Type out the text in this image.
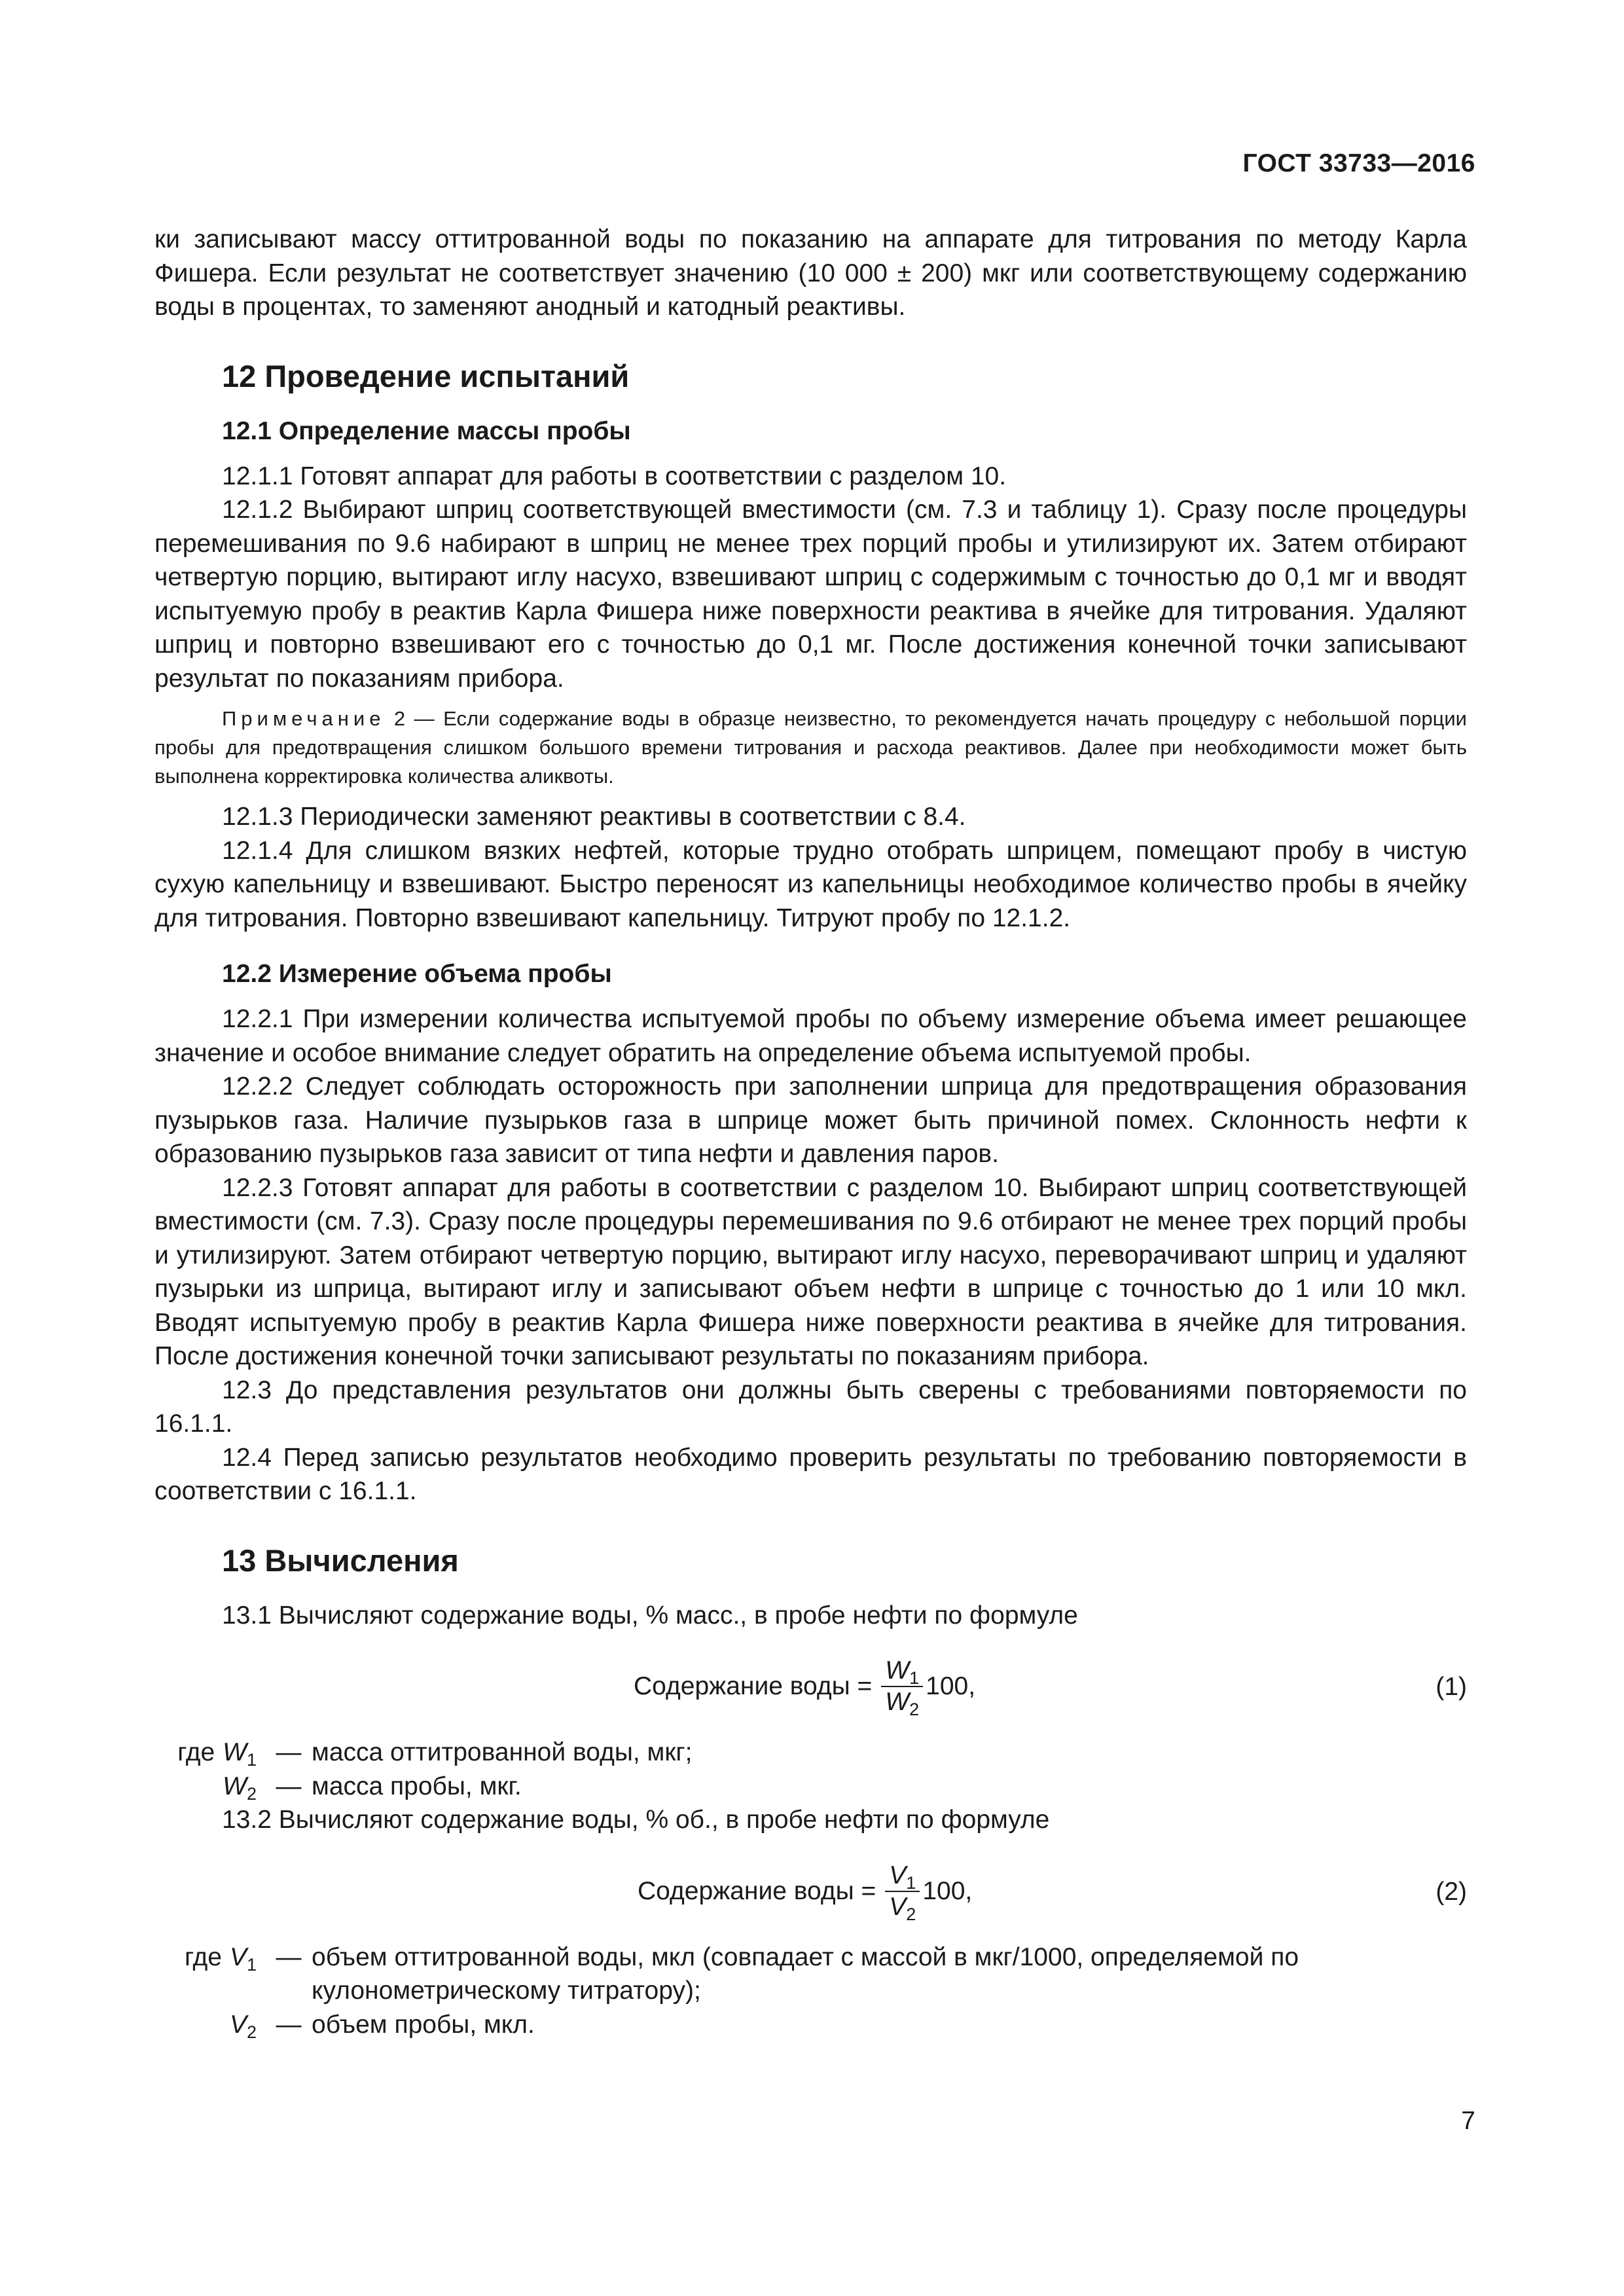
ГОСТ 33733—2016

ки записывают массу оттитрованной воды по показанию на аппарате для титрования по методу Карла Фишера. Если результат не соответствует значению (10 000 ± 200) мкг или соответствующему содержанию воды в процентах, то заменяют анодный и катодный реактивы.

12 Проведение испытаний
12.1 Определение массы пробы

12.1.1 Готовят аппарат для работы в соответствии с разделом 10.

12.1.2 Выбирают шприц соответствующей вместимости (см. 7.3 и таблицу 1). Сразу после процедуры перемешивания по 9.6 набирают в шприц не менее трех порций пробы и утилизируют их. Затем отбирают четвертую порцию, вытирают иглу насухо, взвешивают шприц с содержимым с точностью до 0,1 мг и вводят испытуемую пробу в реактив Карла Фишера ниже поверхности реактива в ячейке для титрования. Удаляют шприц и повторно взвешивают его с точностью до 0,1 мг. После достижения конечной точки записывают результат по показаниям прибора.

Примечание 2 — Если содержание воды в образце неизвестно, то рекомендуется начать процедуру с небольшой порции пробы для предотвращения слишком большого времени титрования и расхода реактивов. Далее при необходимости может быть выполнена корректировка количества аликвоты.

12.1.3 Периодически заменяют реактивы в соответствии с 8.4.

12.1.4 Для слишком вязких нефтей, которые трудно отобрать шприцем, помещают пробу в чистую сухую капельницу и взвешивают. Быстро переносят из капельницы необходимое количество пробы в ячейку для титрования. Повторно взвешивают капельницу. Титруют пробу по 12.1.2.

12.2 Измерение объема пробы

12.2.1 При измерении количества испытуемой пробы по объему измерение объема имеет решающее значение и особое внимание следует обратить на определение объема испытуемой пробы.

12.2.2 Следует соблюдать осторожность при заполнении шприца для предотвращения образования пузырьков газа. Наличие пузырьков газа в шприце может быть причиной помех. Склонность нефти к образованию пузырьков газа зависит от типа нефти и давления паров.

12.2.3 Готовят аппарат для работы в соответствии с разделом 10. Выбирают шприц соответствующей вместимости (см. 7.3). Сразу после процедуры перемешивания по 9.6 отбирают не менее трех порций пробы и утилизируют. Затем отбирают четвертую порцию, вытирают иглу насухо, переворачивают шприц и удаляют пузырьки из шприца, вытирают иглу и записывают объем нефти в шприце с точностью до 1 или 10 мкл. Вводят испытуемую пробу в реактив Карла Фишера ниже поверхности реактива в ячейке для титрования. После достижения конечной точки записывают результаты по показаниям прибора.

12.3 До представления результатов они должны быть сверены с требованиями повторяемости по 16.1.1.

12.4 Перед записью результатов необходимо проверить результаты по требованию повторяемости в соответствии с 16.1.1.

13 Вычисления

13.1 Вычисляют содержание воды, % масс., в пробе нефти по формуле

Содержание воды = $\frac{W_1}{W_2} 100$,	(1)
где $W_1$ — масса оттитрованной воды, мкг;
$W_2$ — масса пробы, мкг.

13.2 Вычисляют содержание воды, % об., в пробе нефти по формуле

Содержание воды = $\frac{V_1}{V_2} 100$,	(2)
где $V_1$ — объем оттитрованной воды, мкл (совпадает с массой в мкг/1000, определяемой по кулонометрическому титратору);
$V_2$ — объем пробы, мкл.
7
